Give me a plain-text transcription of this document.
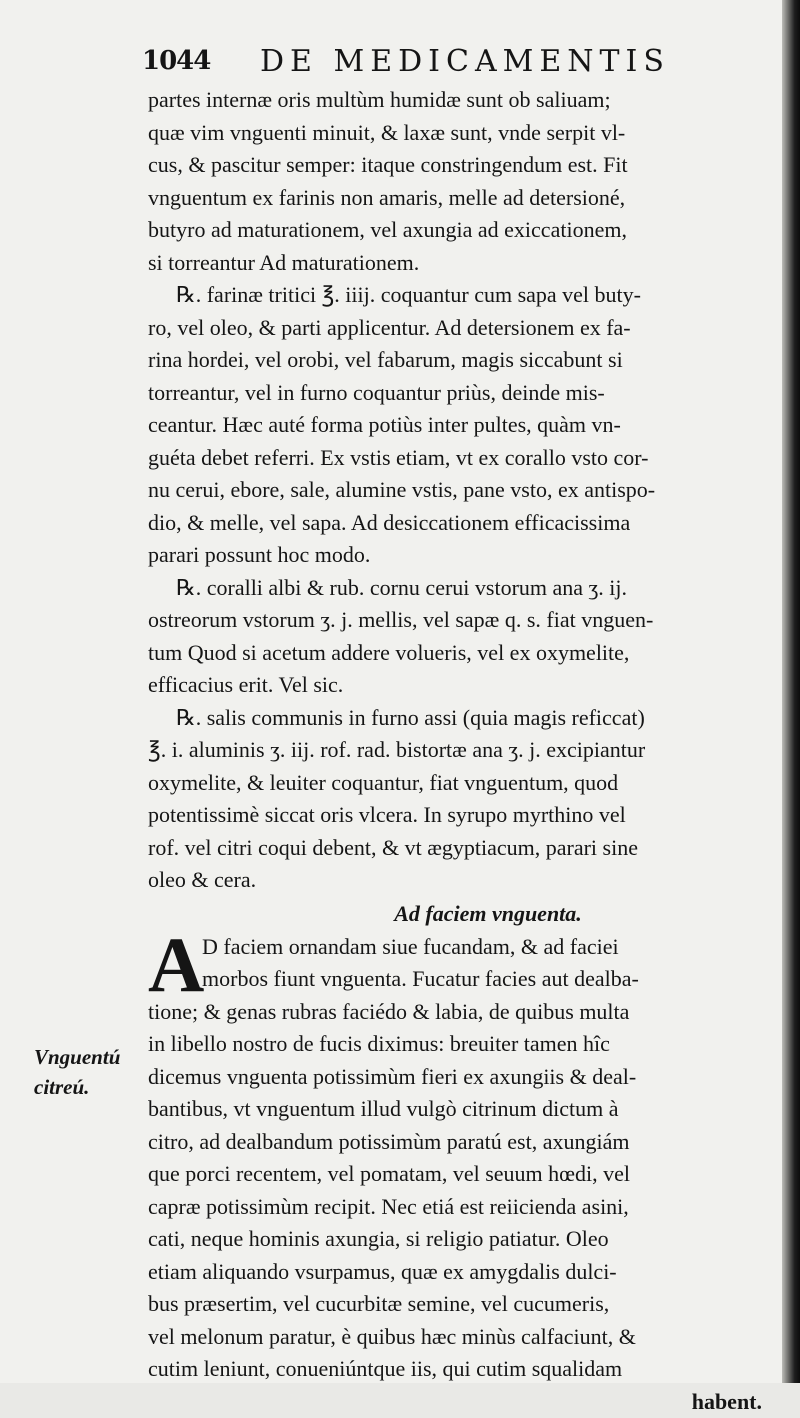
1044 DE MEDICAMENTIS
partes internæ oris multùm humidæ sunt ob saliuam;
quæ vim vnguenti minuit, & laxæ sunt, vnde serpit vl-
cus, & pascitur semper: itaque constringendum est. Fit
vnguentum ex farinis non amaris, melle ad detersioné,
butyro ad maturationem, vel axungia ad exiccationem,
si torreantur Ad maturationem.
℞. farinæ tritici ℥. iiij. coquantur cum sapa vel buty-
ro, vel oleo, & parti applicentur. Ad detersionem ex fa-
rina hordei, vel orobi, vel fabarum, magis siccabunt si
torreantur, vel in furno coquantur priùs, deinde mis-
ceantur. Hæc auté forma potiùs inter pultes, quàm vn-
guéta debet referri. Ex vstis etiam, vt ex corallo vsto cor-
nu cerui, ebore, sale, alumine vstis, pane vsto, ex antispo-
dio, & melle, vel sapa. Ad desiccationem efficacissima
parari possunt hoc modo.
℞. coralli albi & rub. cornu cerui vstorum ana ʒ. ij.
ostreorum vstorum ʒ. j. mellis, vel sapæ q. s. fiat vnguen-
tum Quod si acetum addere volueris, vel ex oxymelite,
efficacius erit. Vel sic.
℞. salis communis in furno assi (quia magis reficcat)
℥. i. aluminis ʒ. iij. rof. rad. bistortæ ana ʒ. j. excipiantur
oxymelite, & leuiter coquantur, fiat vnguentum, quod
potentissimè siccat oris vlcera. In syrupo myrthino vel
rof. vel citri coqui debent, & vt ægyptiacum, parari sine
oleo & cera.
Ad faciem vnguenta.
A
D faciem ornandam siue fucandam, & ad faciei
morbos fiunt vnguenta. Fucatur facies aut dealba-
tione; & genas rubras faciédo & labia, de quibus multa
in libello nostro de fucis diximus: breuiter tamen hîc
dicemus vnguenta potissimùm fieri ex axungiis & deal-
bantibus, vt vnguentum illud vulgò citrinum dictum à
citro, ad dealbandum potissimùm paratú est, axungiám
que porci recentem, vel pomatam, vel seuum hœdi, vel
capræ potissimùm recipit. Nec etiá est reiicienda asini,
cati, neque hominis axungia, si religio patiatur. Oleo
etiam aliquando vsurpamus, quæ ex amygdalis dulci-
bus præsertim, vel cucurbitæ semine, vel cucumeris,
vel melonum paratur, è quibus hæc minùs calfaciunt, &
cutim leniunt, conueniúntque iis, qui cutim squalidam
habent.
Vnguentú
citreú.
